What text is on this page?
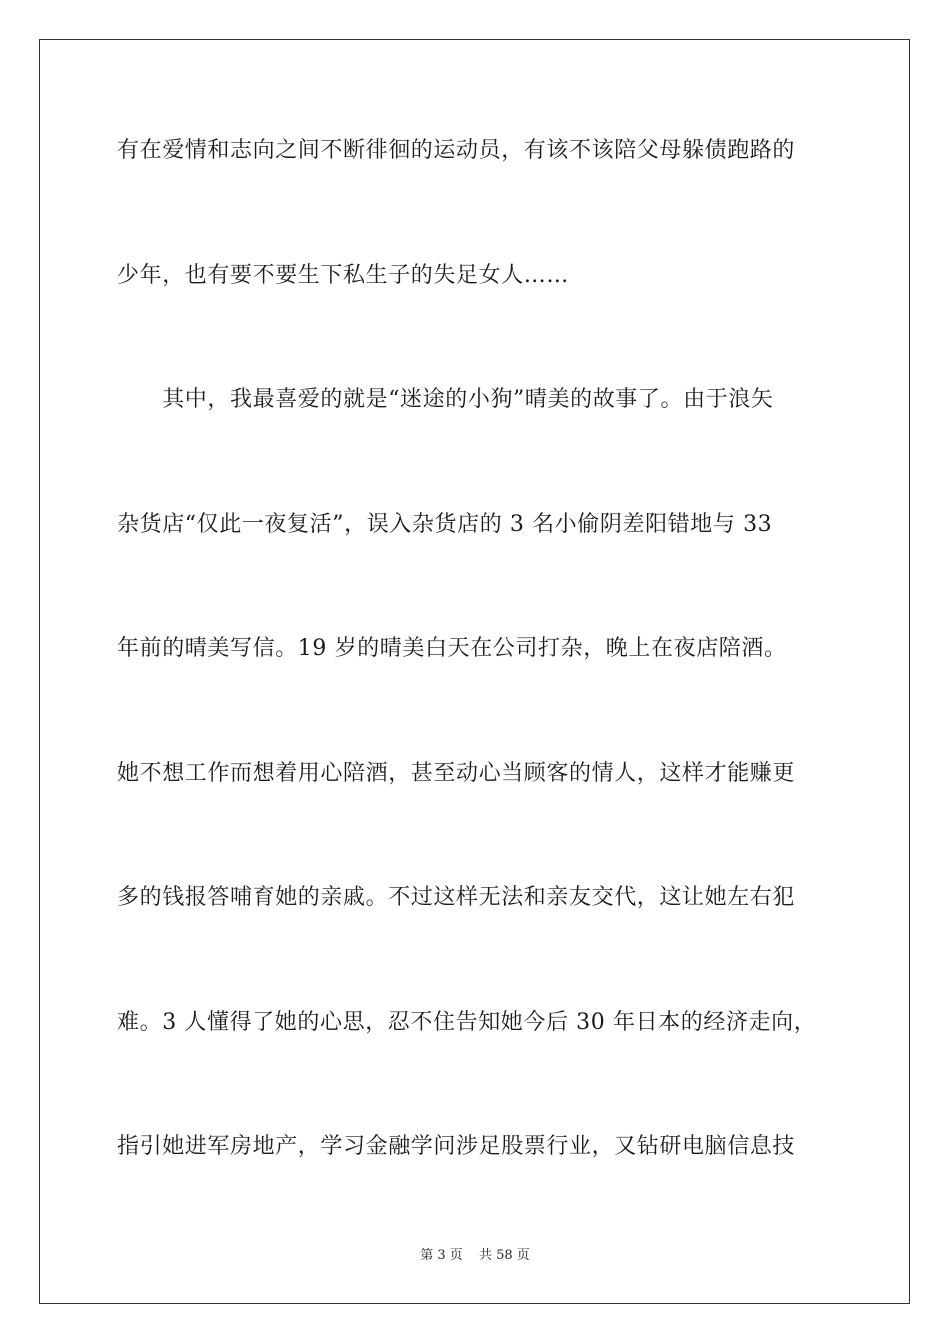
有在爱情和志向之间不断徘徊的运动员，有该不该陪父母躲债跑路的
少年，也有要不要生下私生子的失足女人……
　　其中，我最喜爱的就是“迷途的小狗”晴美的故事了。由于浪矢
杂货店“仅此一夜复活”，误入杂货店的 3 名小偷阴差阳错地与 33
年前的晴美写信。19 岁的晴美白天在公司打杂，晚上在夜店陪酒。
她不想工作而想着用心陪酒，甚至动心当顾客的情人，这样才能赚更
多的钱报答哺育她的亲戚。不过这样无法和亲友交代，这让她左右犯
难。3 人懂得了她的心思，忍不住告知她今后 30 年日本的经济走向，
指引她进军房地产，学习金融学问涉足股票行业，又钻研电脑信息技
第 3 页 共 58 页
